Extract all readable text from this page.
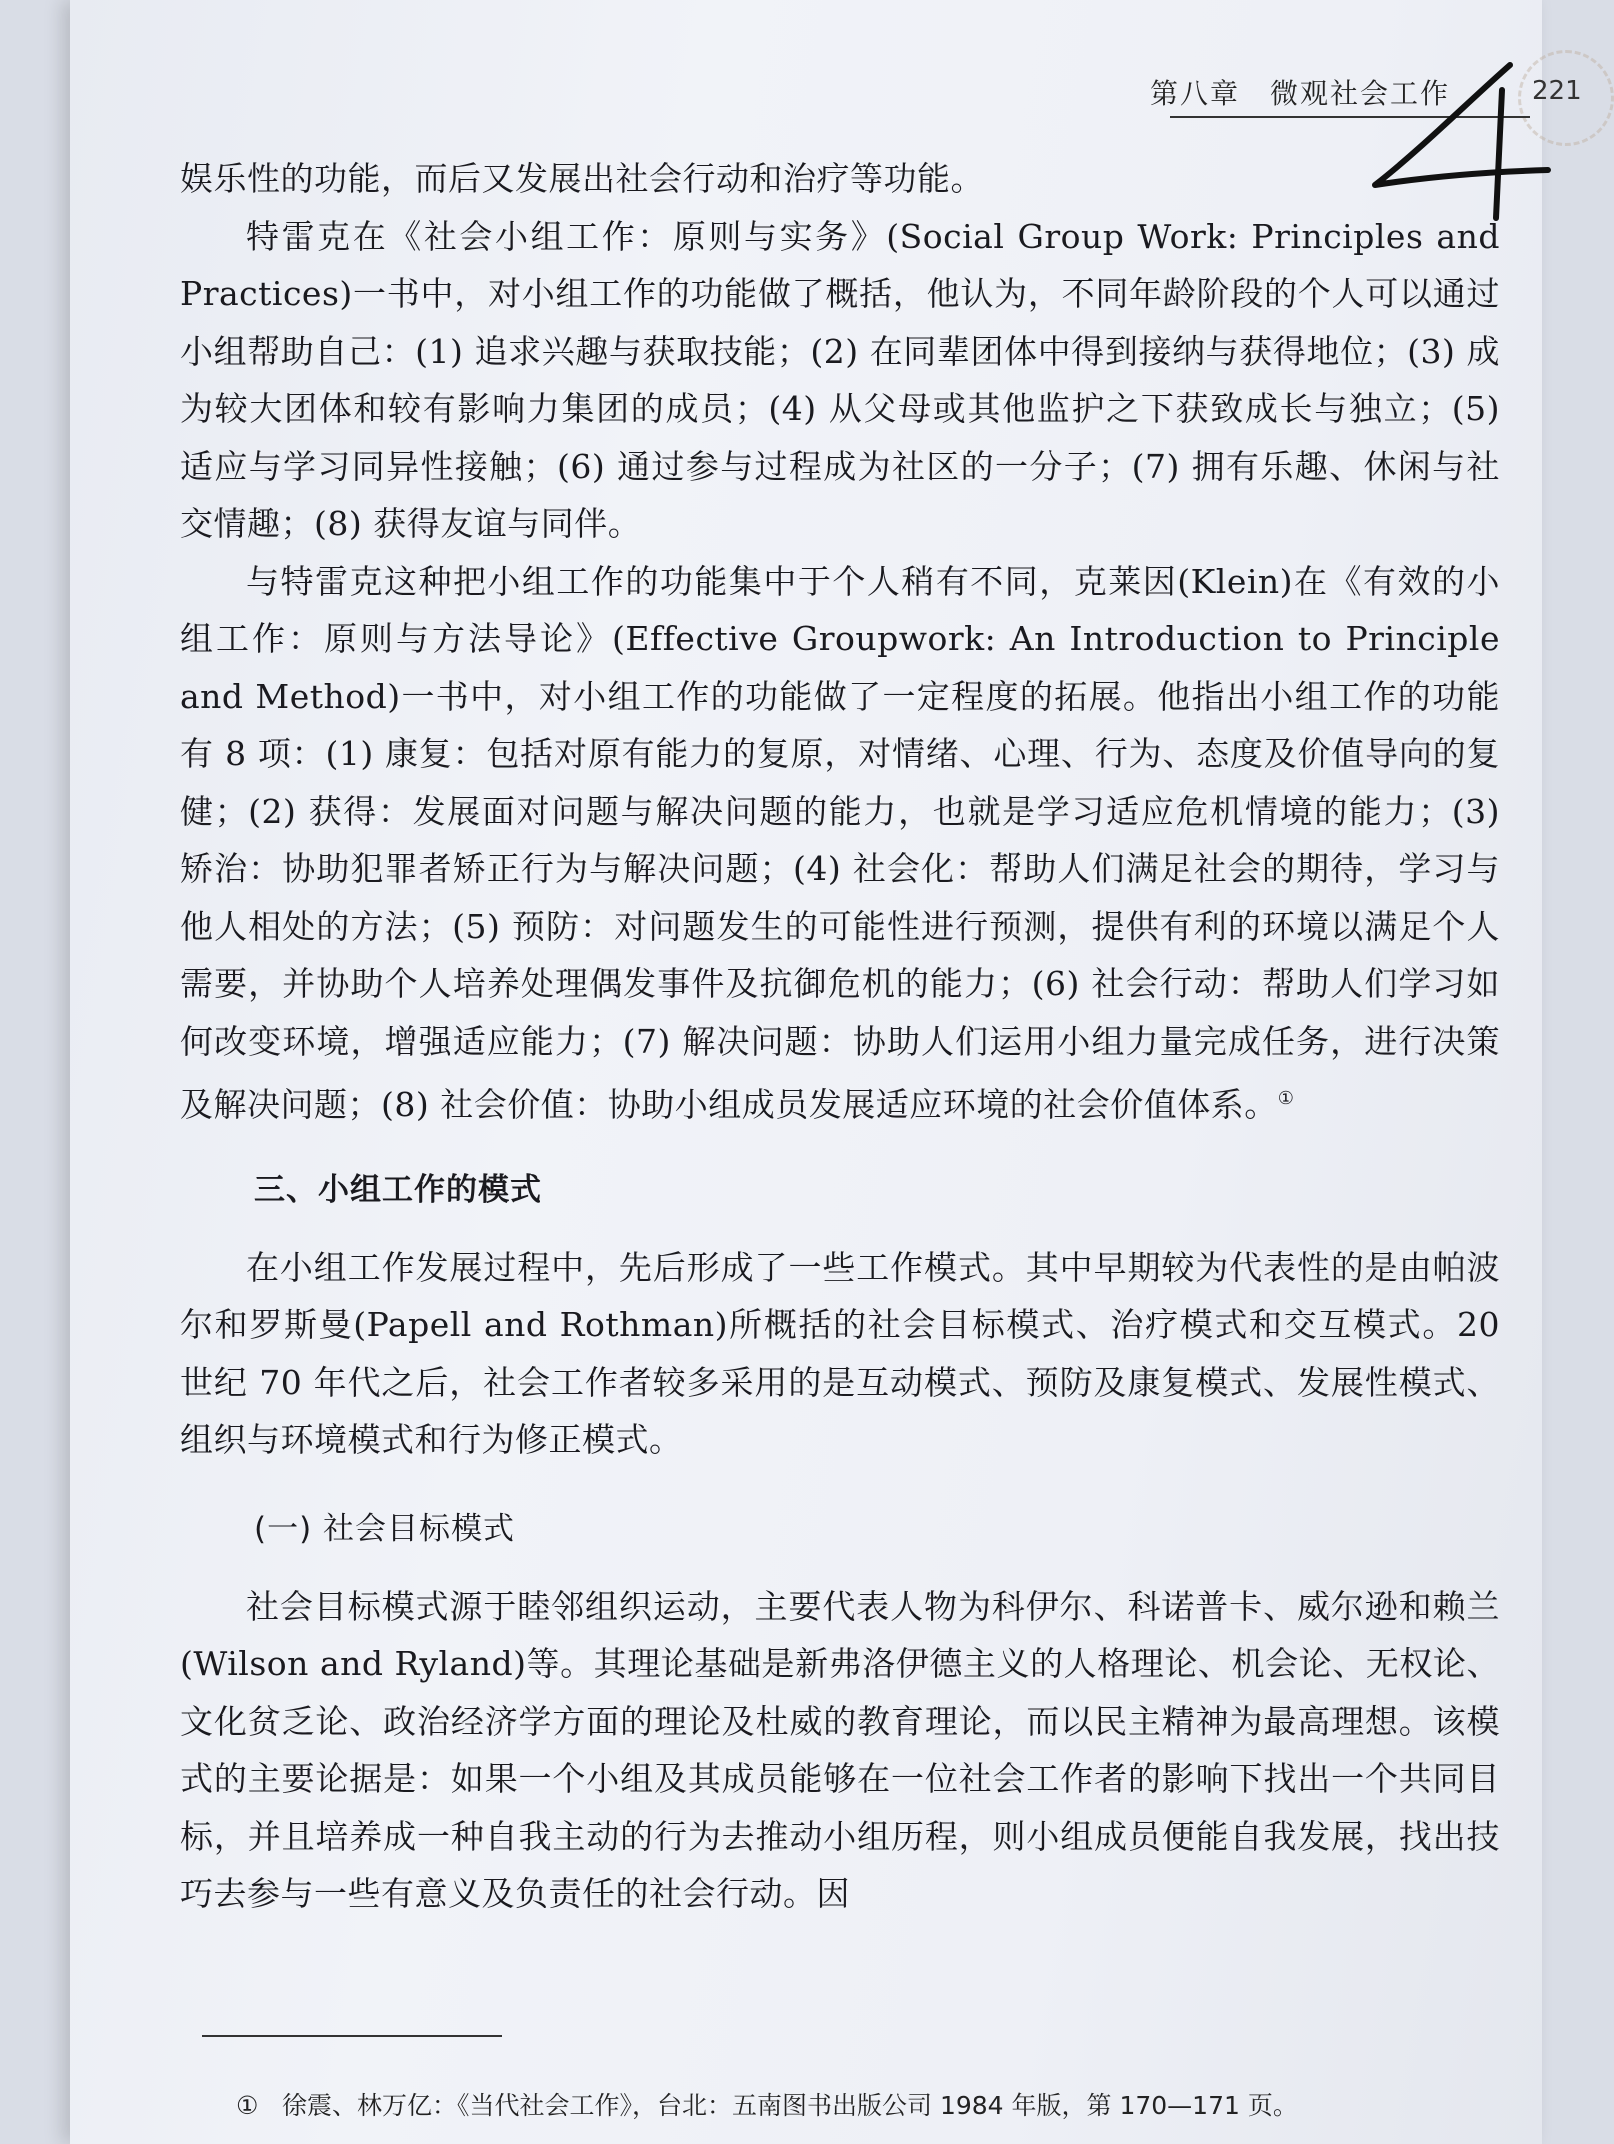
第八章　微观社会工作	221

娱乐性的功能，而后又发展出社会行动和治疗等功能。

特雷克在《社会小组工作：原则与实务》(Social Group Work: Principles and Practices)一书中，对小组工作的功能做了概括，他认为，不同年龄阶段的个人可以通过小组帮助自己：(1) 追求兴趣与获取技能；(2) 在同辈团体中得到接纳与获得地位；(3) 成为较大团体和较有影响力集团的成员；(4) 从父母或其他监护之下获致成长与独立；(5) 适应与学习同异性接触；(6) 通过参与过程成为社区的一分子；(7) 拥有乐趣、休闲与社交情趣；(8) 获得友谊与同伴。

与特雷克这种把小组工作的功能集中于个人稍有不同，克莱因(Klein)在《有效的小组工作：原则与方法导论》(Effective Groupwork: An Introduction to Principle and Method)一书中，对小组工作的功能做了一定程度的拓展。他指出小组工作的功能有 8 项：(1) 康复：包括对原有能力的复原，对情绪、心理、行为、态度及价值导向的复健；(2) 获得：发展面对问题与解决问题的能力，也就是学习适应危机情境的能力；(3) 矫治：协助犯罪者矫正行为与解决问题；(4) 社会化：帮助人们满足社会的期待，学习与他人相处的方法；(5) 预防：对问题发生的可能性进行预测，提供有利的环境以满足个人需要，并协助个人培养处理偶发事件及抗御危机的能力；(6) 社会行动：帮助人们学习如何改变环境，增强适应能力；(7) 解决问题：协助人们运用小组力量完成任务，进行决策及解决问题；(8) 社会价值：协助小组成员发展适应环境的社会价值体系。①

三、小组工作的模式

在小组工作发展过程中，先后形成了一些工作模式。其中早期较为代表性的是由帕波尔和罗斯曼(Papell and Rothman)所概括的社会目标模式、治疗模式和交互模式。20 世纪 70 年代之后，社会工作者较多采用的是互动模式、预防及康复模式、发展性模式、组织与环境模式和行为修正模式。

(一) 社会目标模式

社会目标模式源于睦邻组织运动，主要代表人物为科伊尔、科诺普卡、威尔逊和赖兰(Wilson and Ryland)等。其理论基础是新弗洛伊德主义的人格理论、机会论、无权论、文化贫乏论、政治经济学方面的理论及杜威的教育理论，而以民主精神为最高理想。该模式的主要论据是：如果一个小组及其成员能够在一位社会工作者的影响下找出一个共同目标，并且培养成一种自我主动的行为去推动小组历程，则小组成员便能自我发展，找出技巧去参与一些有意义及负责任的社会行动。因

① 徐震、林万亿：《当代社会工作》，台北：五南图书出版公司 1984 年版，第 170—171 页。
